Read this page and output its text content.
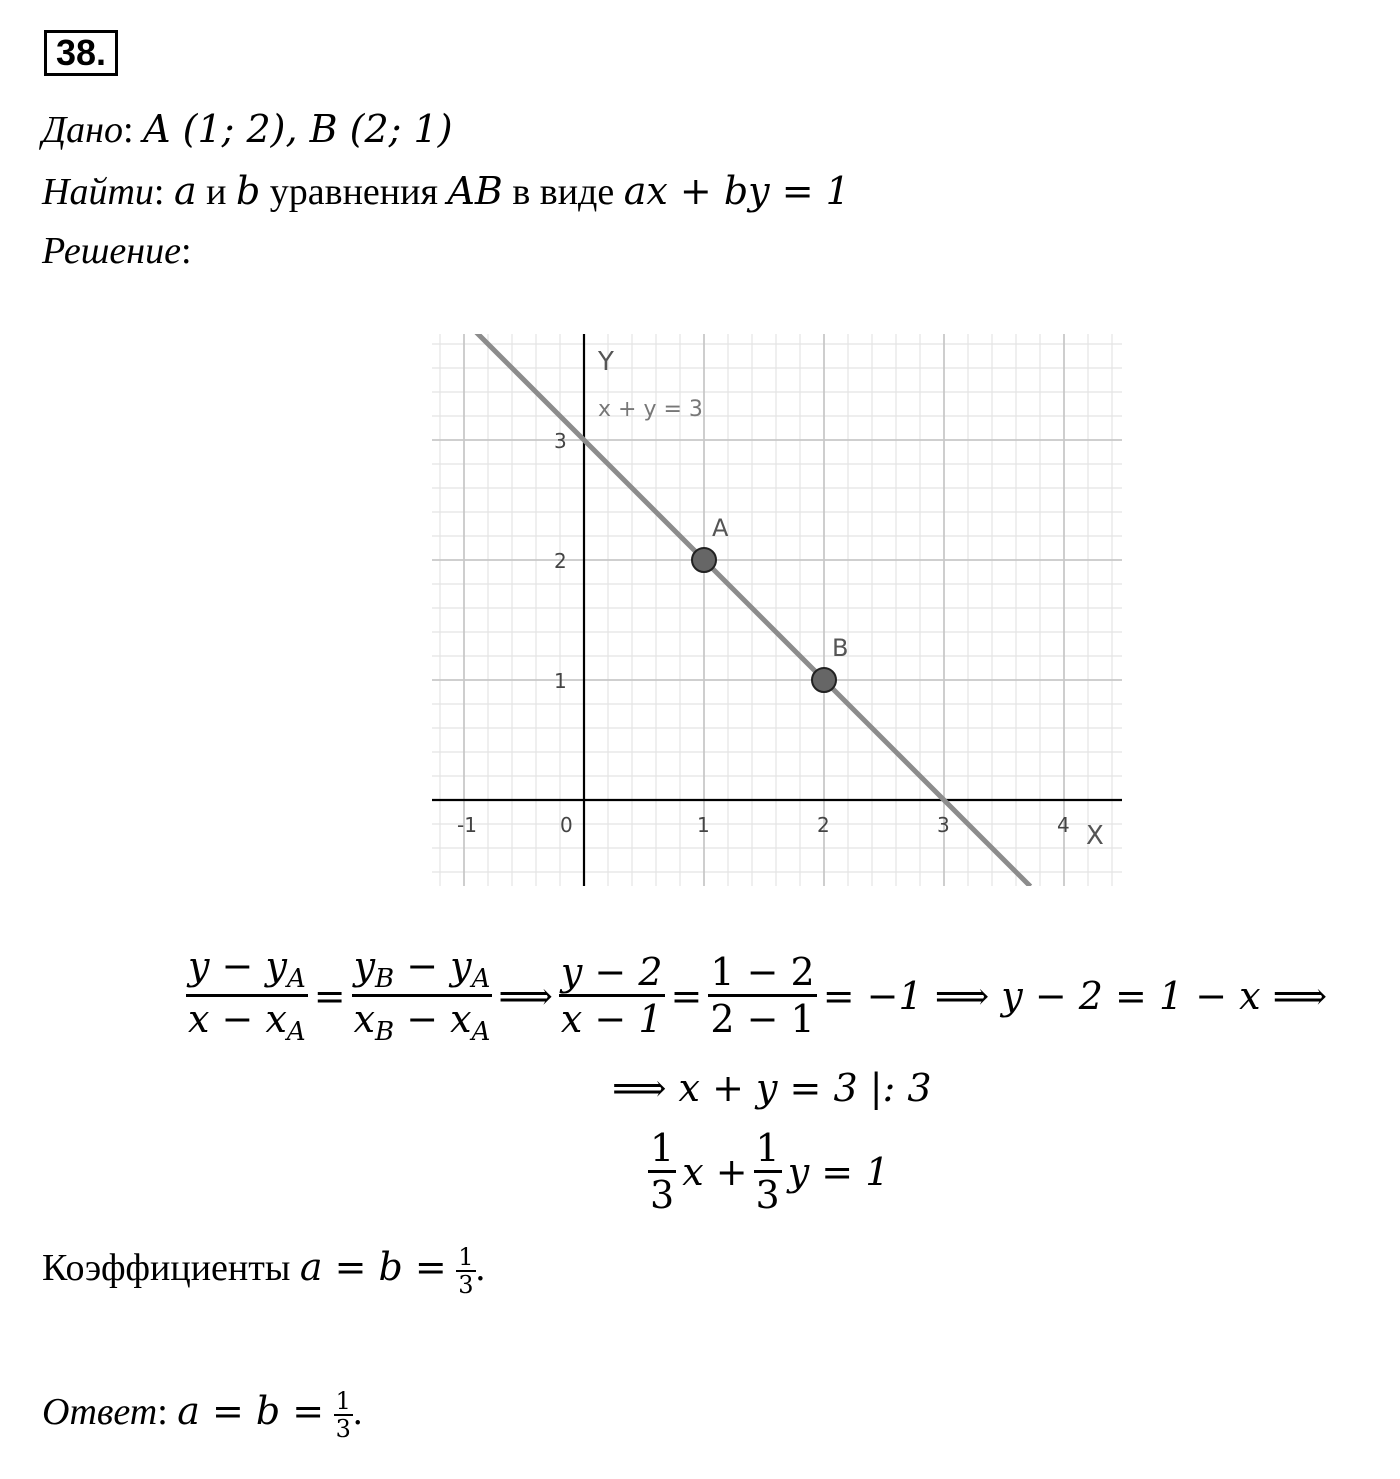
38.
Дано: A (1; 2), B (2; 1)
Найти: a и b уравнения AB в виде ax + by = 1
Решение:
-1	0	1	2	3	4
1
2
3
A
B
Y
X
x + y = 3
$\frac{y - y_A}{x - x_A} = \frac{y_B - y_A}{x_B - x_A}$ ⟹ $\frac{y - 2}{x - 1} = \frac{1 - 2}{2 - 1} = -1$ ⟹ y − 2 = 1 − x ⟹
⟹ x + y = 3 |: 3
$\frac{1}{3}$ $x + \frac{1}{3}$ y = 1
Коэффициенты $a = b = \frac{1}{3}$ .
Ответ: $a = b = \frac{1}{3}$ .
